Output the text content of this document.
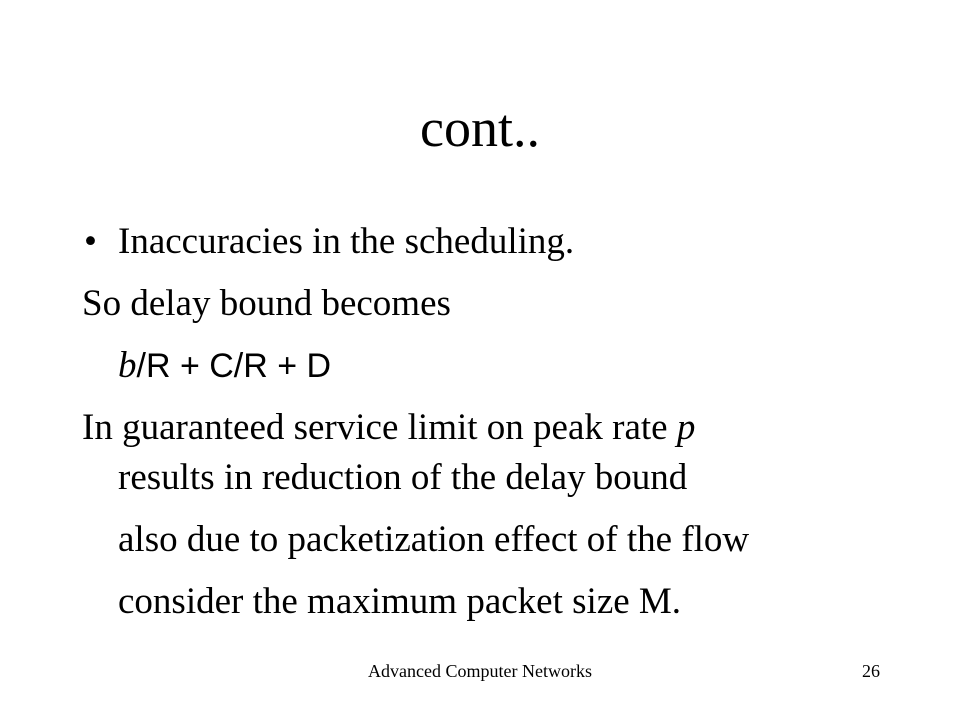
cont..
• Inaccuracies in the scheduling.
So delay bound becomes
b/R + C/R + D
In guaranteed service limit on peak rate p
results in reduction of the delay bound
also due to packetization effect of the flow
consider the maximum packet size M.
Advanced Computer Networks	26
